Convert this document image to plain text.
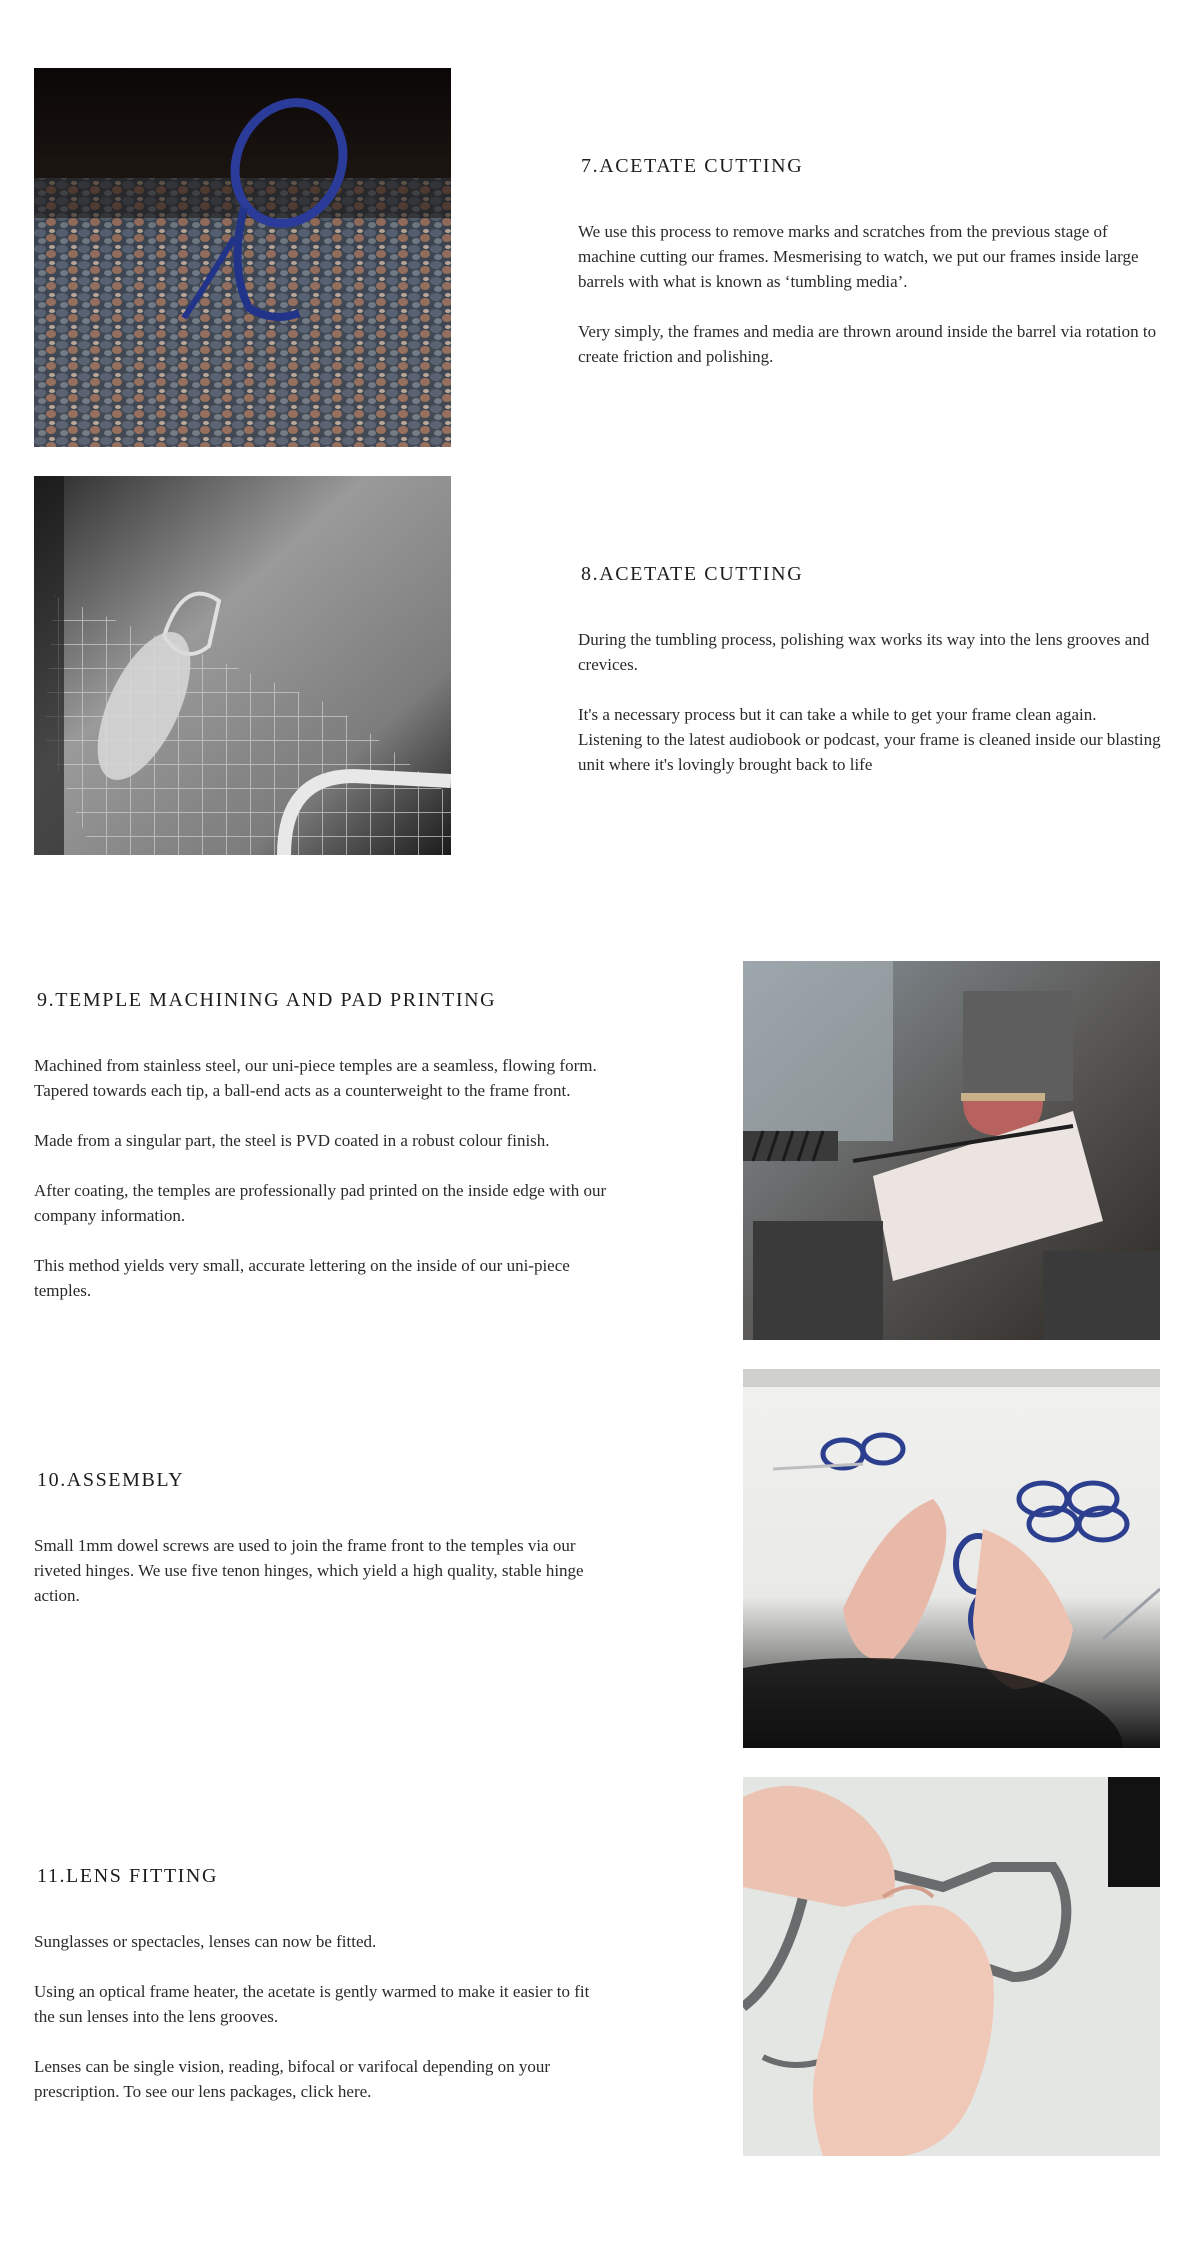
7.ACETATE CUTTING

We use this process to remove marks and scratches from the previous stage of machine cutting our frames. Mesmerising to watch, we put our frames inside large barrels with what is known as ‘tumbling media’.

Very simply, the frames and media are thrown around inside the barrel via rotation to create friction and polishing.

8.ACETATE CUTTING

During the tumbling process, polishing wax works its way into the lens grooves and crevices.

It's a necessary process but it can take a while to get your frame clean again. Listening to the latest audiobook or podcast, your frame is cleaned inside our blasting unit where it's lovingly brought back to life

9.TEMPLE MACHINING AND PAD PRINTING

Machined from stainless steel, our uni-piece temples are a seamless, flowing form. Tapered towards each tip, a ball-end acts as a counterweight to the frame front.

Made from a singular part, the steel is PVD coated in a robust colour finish.

After coating, the temples are professionally pad printed on the inside edge with our company information.

This method yields very small, accurate lettering on the inside of our uni-piece temples.

10.ASSEMBLY

Small 1mm dowel screws are used to join the frame front to the temples via our riveted hinges. We use five tenon hinges, which yield a high quality, stable hinge action.

11.LENS FITTING

Sunglasses or spectacles, lenses can now be fitted.

Using an optical frame heater, the acetate is gently warmed to make it easier to fit the sun lenses into the lens grooves.

Lenses can be single vision, reading, bifocal or varifocal depending on your prescription. To see our lens packages, click here.
